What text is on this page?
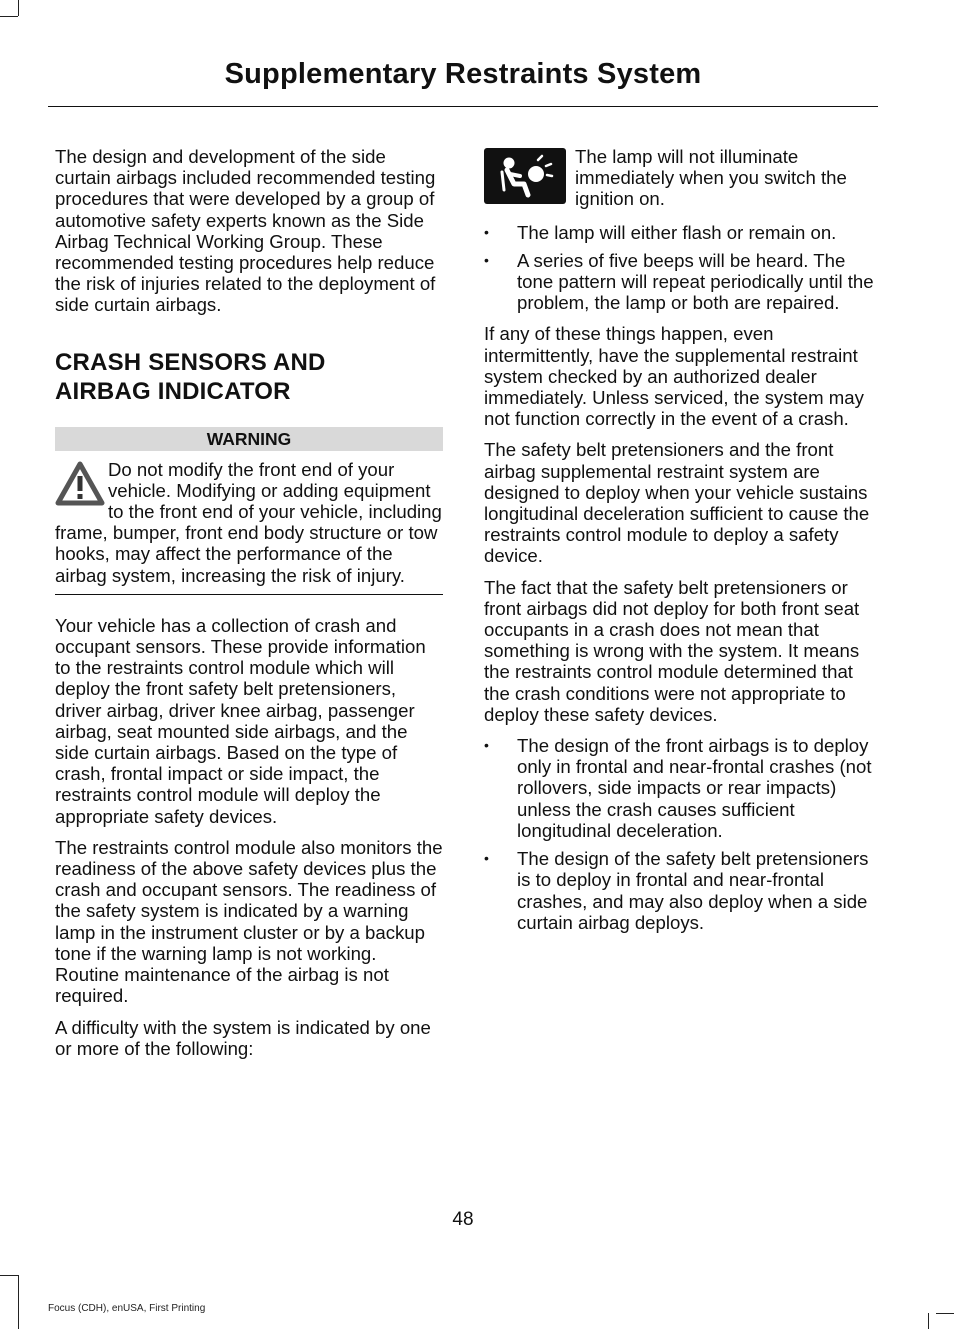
Supplementary Restraints System

The design and development of the side curtain airbags included recommended testing procedures that were developed by a group of automotive safety experts known as the Side Airbag Technical Working Group. These recommended testing procedures help reduce the risk of injuries related to the deployment of side curtain airbags.

CRASH SENSORS AND
AIRBAG INDICATOR
WARNING
Do not modify the front end of your vehicle. Modifying or adding equipment to the front end of your vehicle, including frame, bumper, front end body structure or tow hooks, may affect the performance of the airbag system, increasing the risk of injury.

Your vehicle has a collection of crash and occupant sensors. These provide information to the restraints control module which will deploy the front safety belt pretensioners, driver airbag, driver knee airbag, passenger airbag, seat mounted side airbags, and the side curtain airbags. Based on the type of crash, frontal impact or side impact, the restraints control module will deploy the appropriate safety devices.

The restraints control module also monitors the readiness of the above safety devices plus the crash and occupant sensors. The readiness of the safety system is indicated by a warning lamp in the instrument cluster or by a backup tone if the warning lamp is not working. Routine maintenance of the airbag is not required.

A difficulty with the system is indicated by one or more of the following:

The lamp will not illuminate immediately when you switch the ignition on.
• The lamp will either flash or remain on.
• A series of five beeps will be heard. The tone pattern will repeat periodically until the problem, the lamp or both are repaired.

If any of these things happen, even intermittently, have the supplemental restraint system checked by an authorized dealer immediately. Unless serviced, the system may not function correctly in the event of a crash.

The safety belt pretensioners and the front airbag supplemental restraint system are designed to deploy when your vehicle sustains longitudinal deceleration sufficient to cause the restraints control module to deploy a safety device.

The fact that the safety belt pretensioners or front airbags did not deploy for both front seat occupants in a crash does not mean that something is wrong with the system. It means the restraints control module determined that the crash conditions were not appropriate to deploy these safety devices.

• The design of the front airbags is to deploy only in frontal and near-frontal crashes (not rollovers, side impacts or rear impacts) unless the crash causes sufficient longitudinal deceleration.
• The design of the safety belt pretensioners is to deploy in frontal and near-frontal crashes, and may also deploy when a side curtain airbag deploys.
48
Focus (CDH), enUSA, First Printing
